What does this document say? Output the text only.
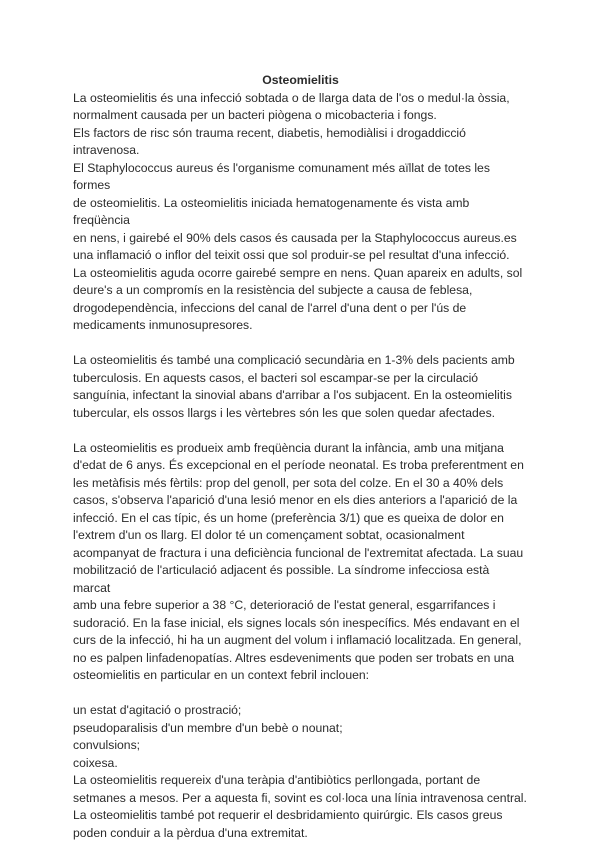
Osteomielitis

La osteomielitis és una infecció sobtada o de llarga data de l'os o medul·la òssia,

normalment causada per un bacteri piògena o micobacteria i fongs.

Els factors de risc són trauma recent, diabetis, hemodiàlisi i drogaddicció

intravenosa.

El Staphylococcus aureus és l'organisme comunament més aïllat de totes les formes

de osteomielitis. La osteomielitis iniciada hematogenamente és vista amb freqüència

en nens, i gairebé el 90% dels casos és causada per la Staphylococcus aureus.es

una inflamació o inflor del teixit ossi que sol produir-se pel resultat d'una infecció.

La osteomielitis aguda ocorre gairebé sempre en nens. Quan apareix en adults, sol

deure's a un compromís en la resistència del subjecte a causa de feblesa,

drogodependència, infeccions del canal de l'arrel d'una dent o per l'ús de

medicaments inmunosupresores.

La osteomielitis és també una complicació secundària en 1-3% dels pacients amb

tuberculosis. En aquests casos, el bacteri sol escampar-se per la circulació

sanguínia, infectant la sinovial abans d'arribar a l'os subjacent. En la osteomielitis

tubercular, els ossos llargs i les vèrtebres són les que solen quedar afectades.

La osteomielitis es produeix amb freqüència durant la infància, amb una mitjana

d'edat de 6 anys. És excepcional en el període neonatal. Es troba preferentment en

les metàfisis més fèrtils: prop del genoll, per sota del colze. En el 30 a 40% dels

casos, s'observa l'aparició d'una lesió menor en els dies anteriors a l'aparició de la

infecció. En el cas típic, és un home (preferència 3/1) que es queixa de dolor en

l'extrem d'un os llarg. El dolor té un començament sobtat, ocasionalment

acompanyat de fractura i una deficiència funcional de l'extremitat afectada. La suau

mobilització de l'articulació adjacent és possible. La síndrome infecciosa està marcat

amb una febre superior a 38 °C, deterioració de l'estat general, esgarrifances i

sudoració. En la fase inicial, els signes locals són inespecífics. Més endavant en el

curs de la infecció, hi ha un augment del volum i inflamació localitzada. En general,

no es palpen linfadenopatías. Altres esdeveniments que poden ser trobats en una

osteomielitis en particular en un context febril inclouen:

un estat d'agitació o prostració;

pseudoparalisis d'un membre d'un bebè o nounat;

convulsions;

coixesa.

La osteomielitis requereix d'una teràpia d'antibiòtics perllongada, portant de

setmanes a mesos. Per a aquesta fi, sovint es col·loca una línia intravenosa central.

La osteomielitis també pot requerir el desbridamiento quirúrgic. Els casos greus

poden conduir a la pèrdua d'una extremitat.
